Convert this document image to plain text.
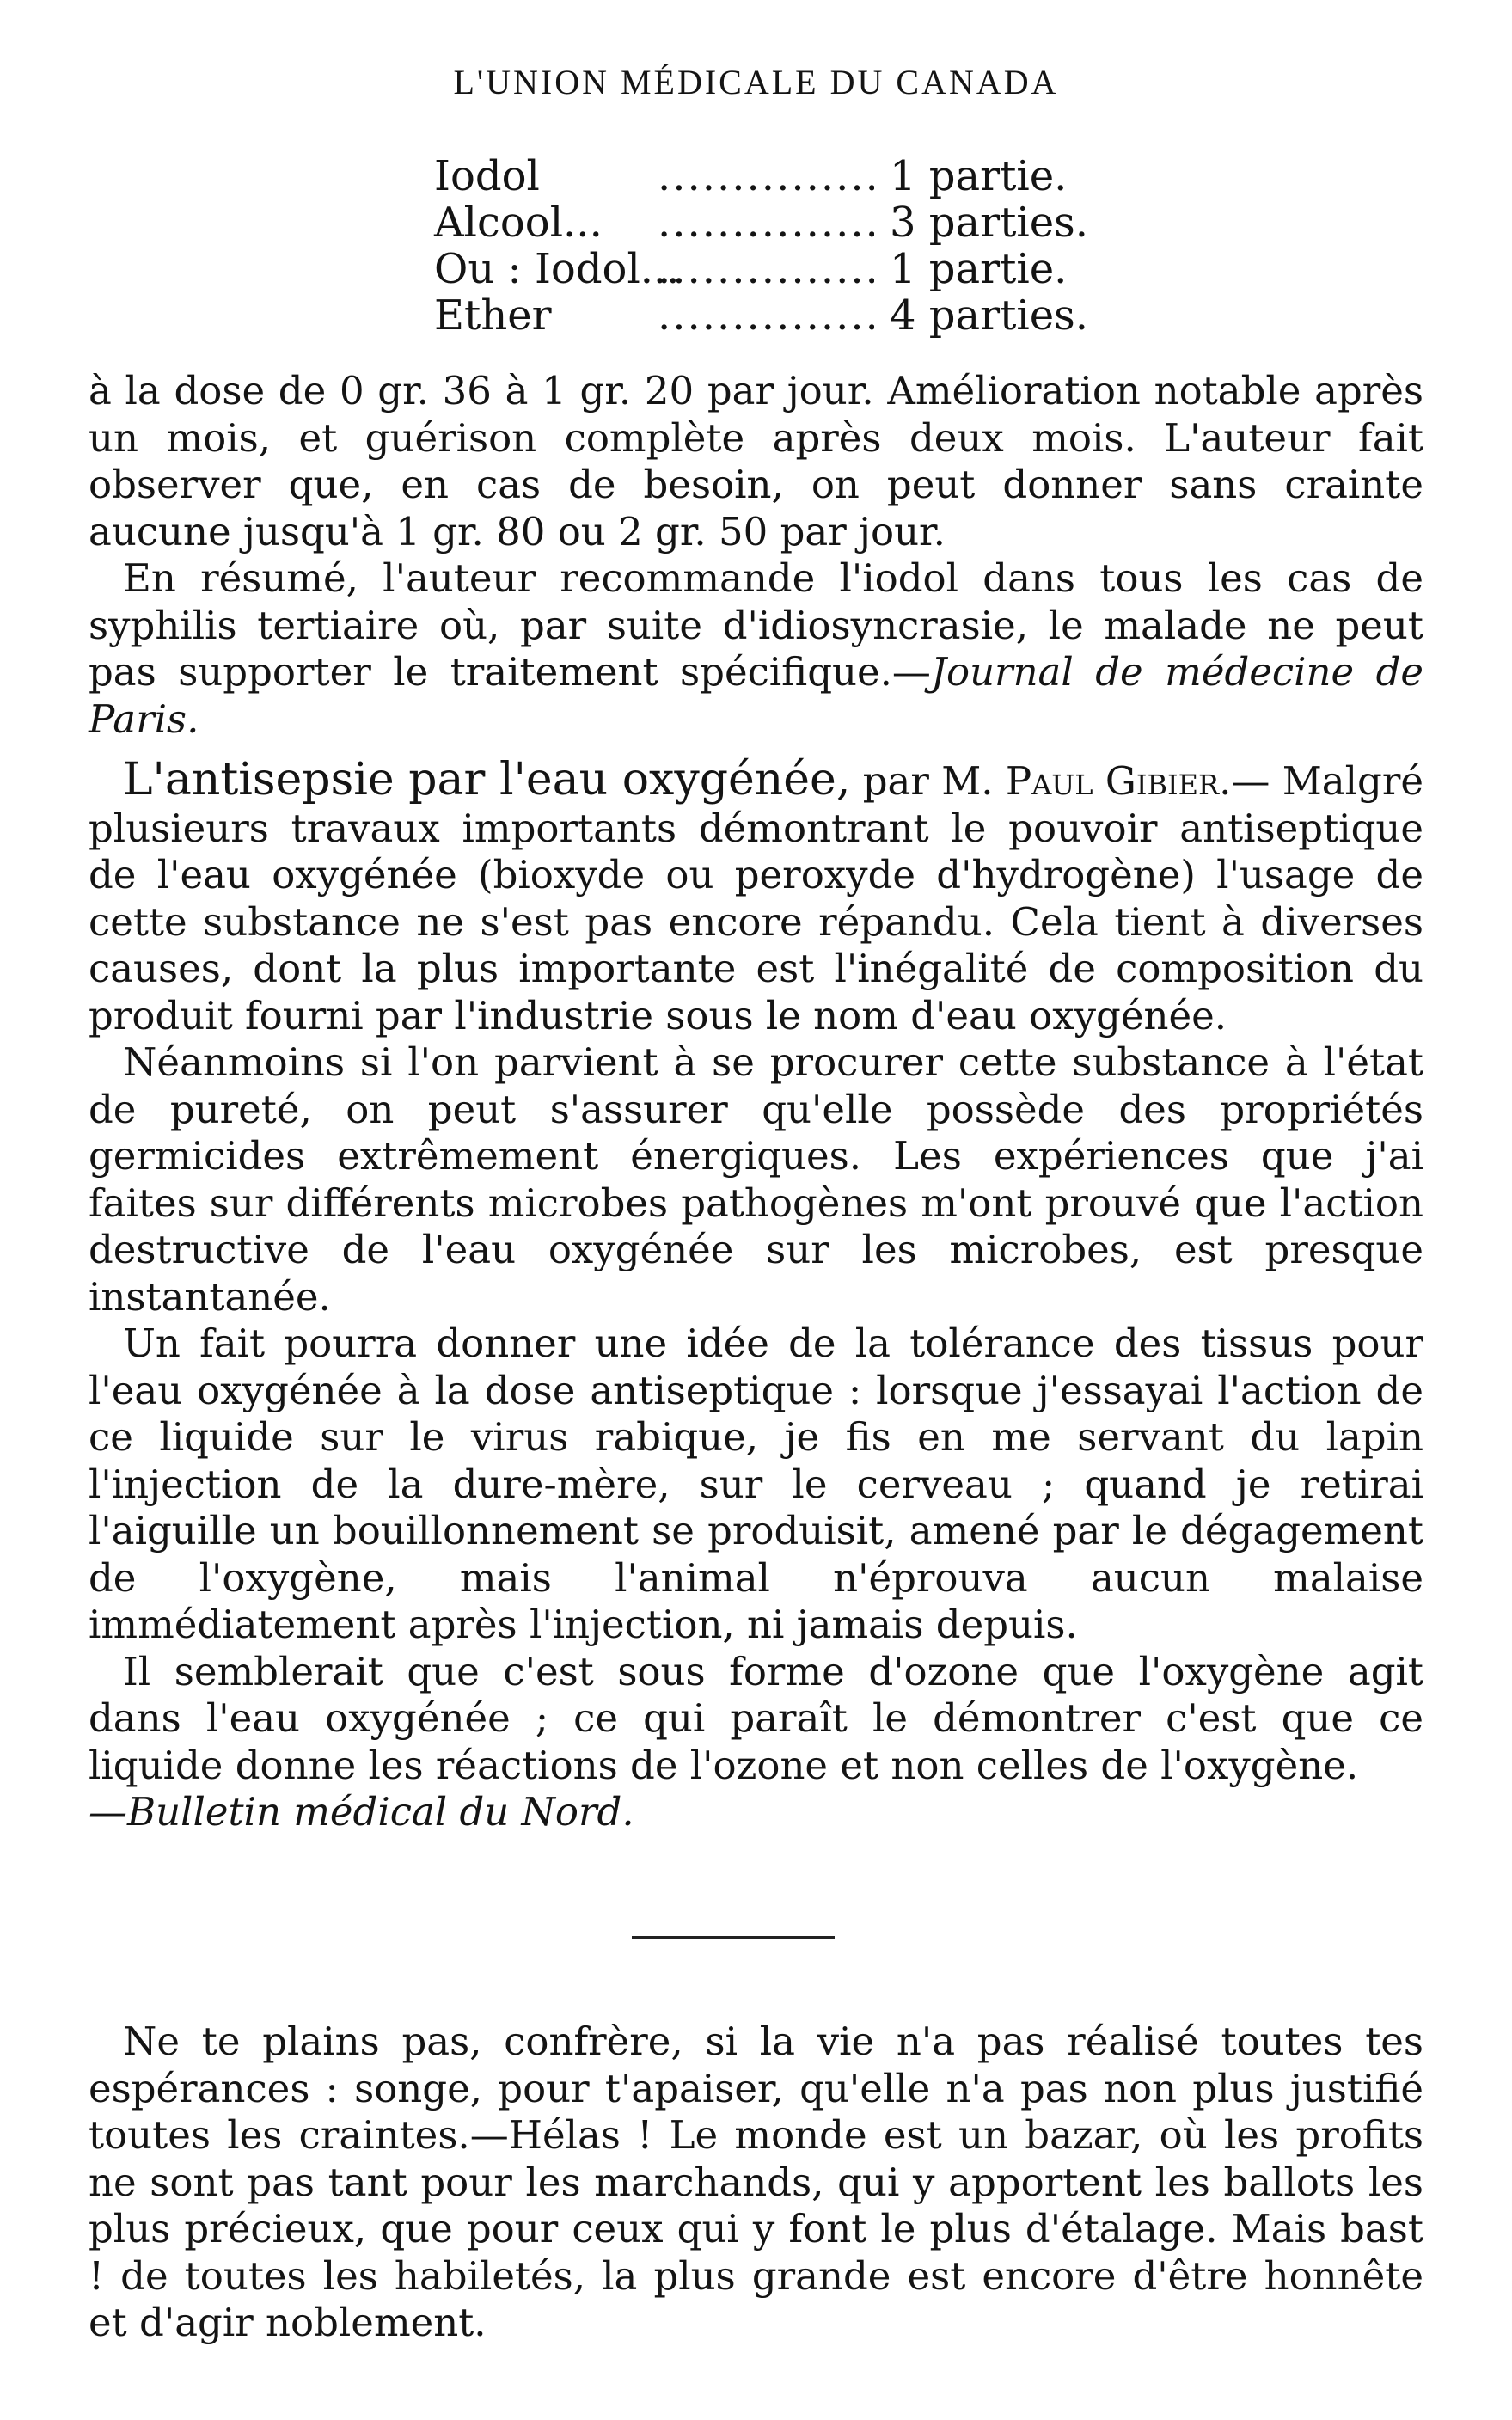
L'UNION MÉDICALE DU CANADA
Iodol .....	1 partie.
Alcool... .....	3 parties.
Ou : Iodol... .....	1 partie.
Ether .....	4 parties.

à la dose de 0 gr. 36 à 1 gr. 20 par jour. Amélioration notable après un mois, et guérison complète après deux mois. L'auteur fait observer que, en cas de besoin, on peut donner sans crainte aucune jusqu'à 1 gr. 80 ou 2 gr. 50 par jour.

En résumé, l'auteur recommande l'iodol dans tous les cas de syphilis tertiaire où, par suite d'idiosyncrasie, le malade ne peut pas supporter le traitement spécifique.—Journal de médecine de Paris.

L'antisepsie par l'eau oxygénée, par M. Paul Gibier.— Malgré plusieurs travaux importants démontrant le pouvoir antiseptique de l'eau oxygénée (bioxyde ou peroxyde d'hydrogène) l'usage de cette substance ne s'est pas encore répandu. Cela tient à diverses causes, dont la plus importante est l'inégalité de composition du produit fourni par l'industrie sous le nom d'eau oxygénée.

Néanmoins si l'on parvient à se procurer cette substance à l'état de pureté, on peut s'assurer qu'elle possède des propriétés germicides extrêmement énergiques. Les expériences que j'ai faites sur différents microbes pathogènes m'ont prouvé que l'action destructive de l'eau oxygénée sur les microbes, est presque instantanée.

Un fait pourra donner une idée de la tolérance des tissus pour l'eau oxygénée à la dose antiseptique : lorsque j'essayai l'action de ce liquide sur le virus rabique, je fis en me servant du lapin l'injection de la dure-mère, sur le cerveau ; quand je retirai l'aiguille un bouillonnement se produisit, amené par le dégagement de l'oxygène, mais l'animal n'éprouva aucun malaise immédiatement après l'injection, ni jamais depuis.

Il semblerait que c'est sous forme d'ozone que l'oxygène agit dans l'eau oxygénée ; ce qui paraît le démontrer c'est que ce liquide donne les réactions de l'ozone et non celles de l'oxygène.
—Bulletin médical du Nord.

Ne te plains pas, confrère, si la vie n'a pas réalisé toutes tes espérances : songe, pour t'apaiser, qu'elle n'a pas non plus justifié toutes les craintes.—Hélas ! Le monde est un bazar, où les profits ne sont pas tant pour les marchands, qui y apportent les ballots les plus précieux, que pour ceux qui y font le plus d'étalage. Mais bast ! de toutes les habiletés, la plus grande est encore d'être honnête et d'agir noblement.
